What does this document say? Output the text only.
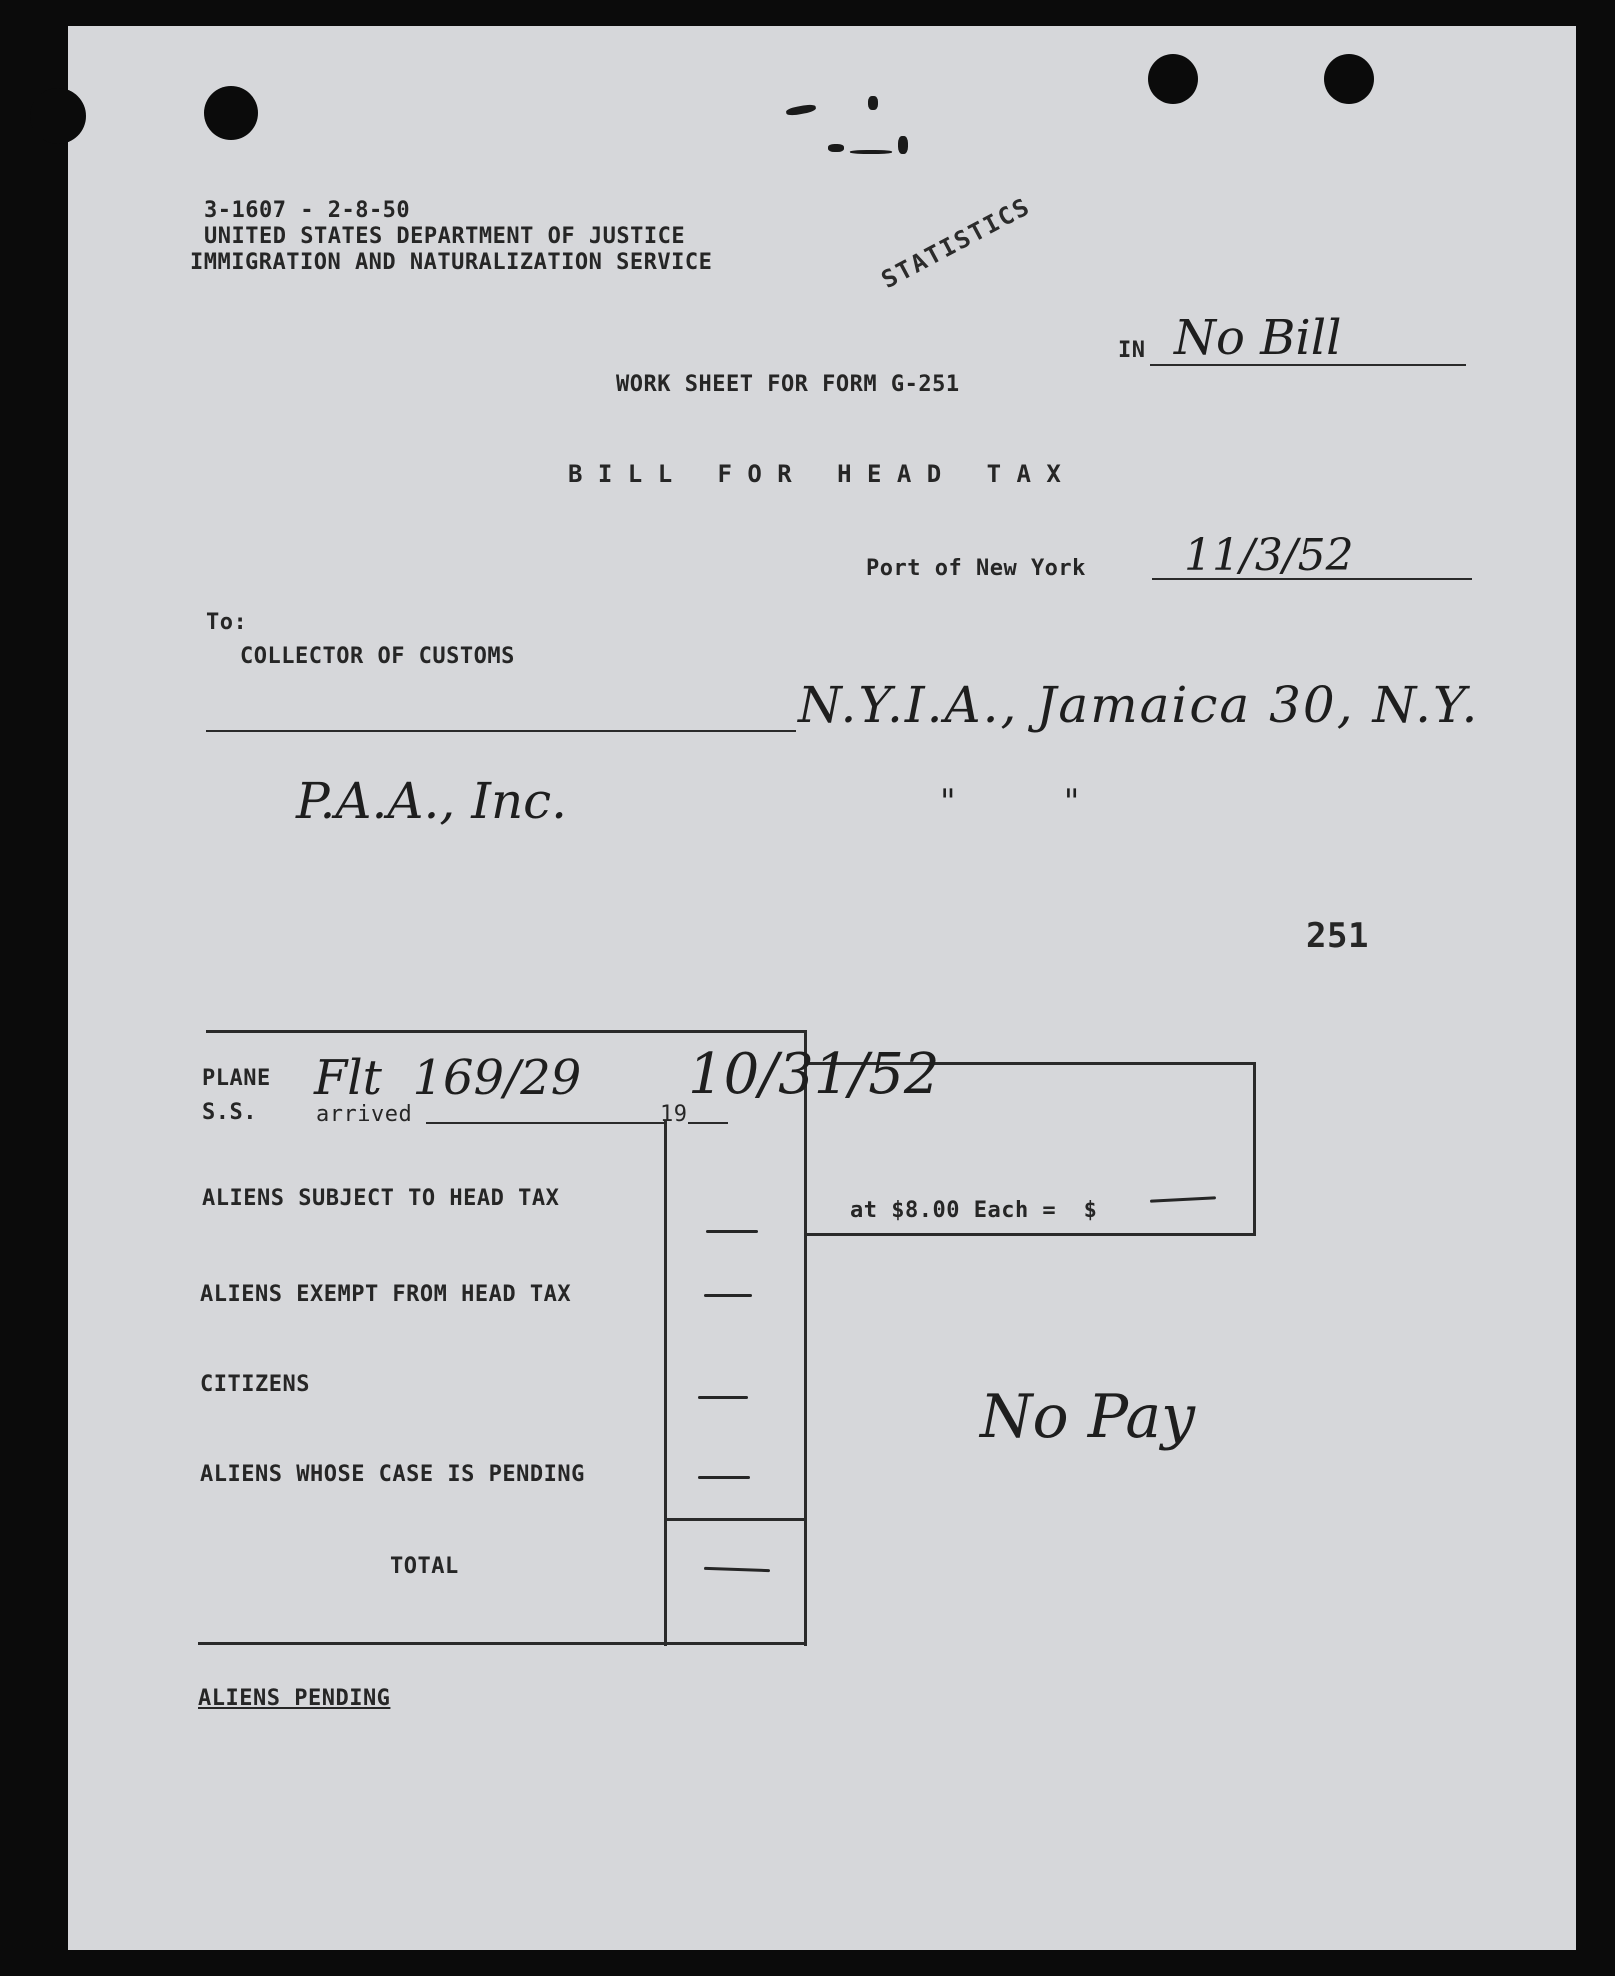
3-1607 - 2-8-50
UNITED STATES DEPARTMENT OF JUSTICE
IMMIGRATION AND NATURALIZATION SERVICE	STATISTICS
IN No Bill
WORK SHEET FOR FORM G-251
B I L L   F O R   H E A D   T A X
Port of New York 11/3/52
To:
COLLECTOR OF CUSTOMS
N.Y.I.A., Jamaica 30, N.Y.
P.A.A., Inc.	"          "
251
PLANE
S.S.	arrived
Flt  169/29
19
10/31/52
ALIENS SUBJECT TO HEAD TAX
ALIENS EXEMPT FROM HEAD TAX
CITIZENS
ALIENS WHOSE CASE IS PENDING
TOTAL
at $8.00 Each =  $
No Pay
ALIENS PENDING
